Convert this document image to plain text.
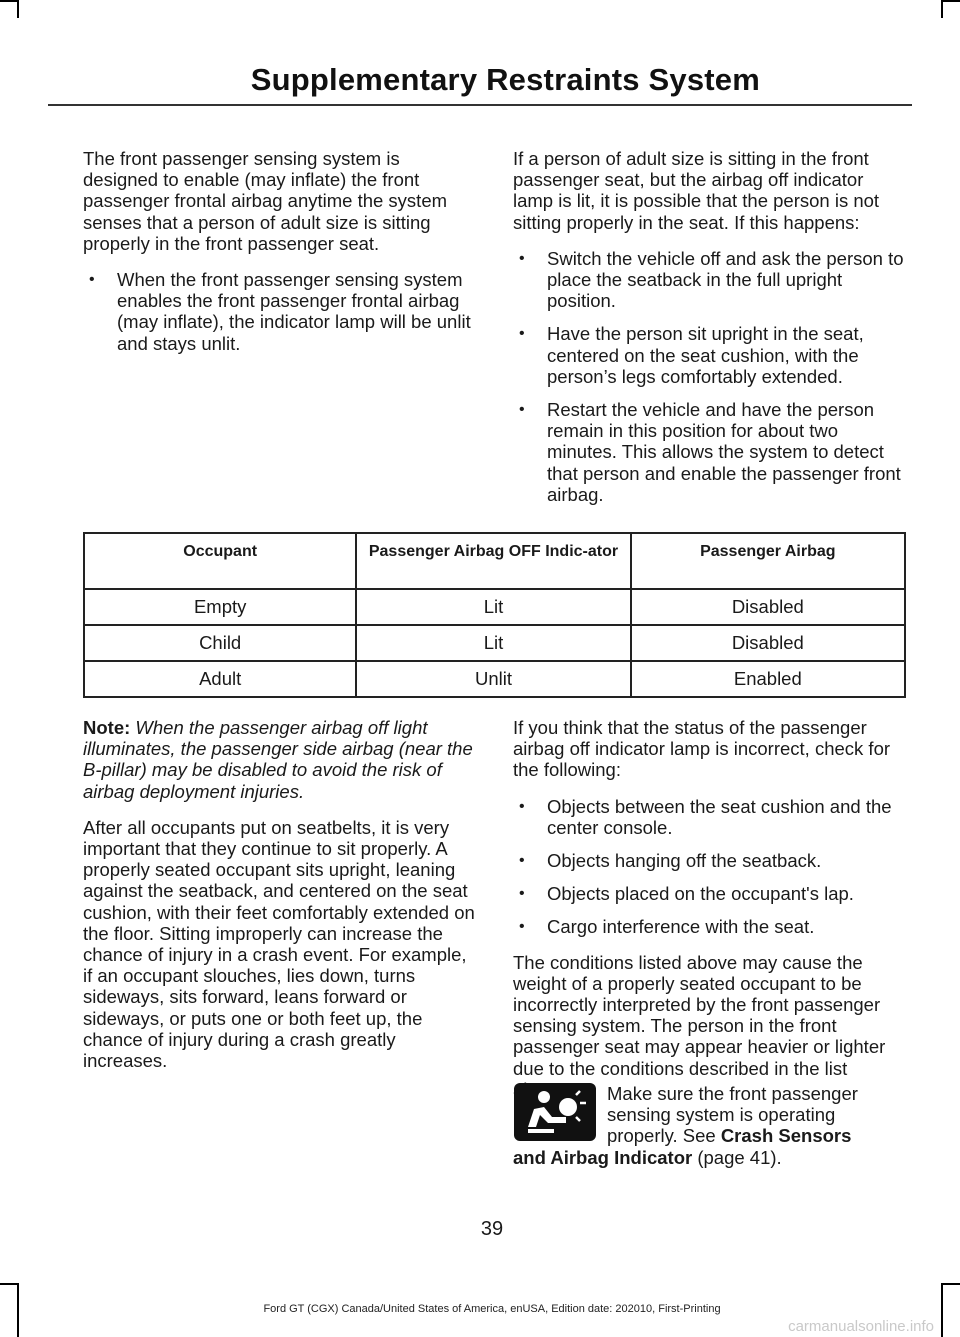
Supplementary Restraints System

The front passenger sensing system is designed to enable (may inflate) the front passenger frontal airbag anytime the system senses that a person of adult size is sitting properly in the front passenger seat.

• When the front passenger sensing system enables the front passenger frontal airbag (may inflate), the indicator lamp will be unlit and stays unlit.

If a person of adult size is sitting in the front passenger seat, but the airbag off indicator lamp is lit, it is possible that the person is not sitting properly in the seat. If this happens:

• Switch the vehicle off and ask the person to place the seatback in the full upright position.
• Have the person sit upright in the seat, centered on the seat cushion, with the person’s legs comfortably extended.
• Restart the vehicle and have the person remain in this position for about two minutes. This allows the system to detect that person and enable the passenger front airbag.
Occupant	Passenger Airbag OFF Indic-ator	Passenger Airbag
Empty	Lit	Disabled
Child	Lit	Disabled
Adult	Unlit	Enabled

Note: When the passenger airbag off light illuminates, the passenger side airbag (near the B-pillar) may be disabled to avoid the risk of airbag deployment injuries.

After all occupants put on seatbelts, it is very important that they continue to sit properly. A properly seated occupant sits upright, leaning against the seatback, and centered on the seat cushion, with their feet comfortably extended on the floor. Sitting improperly can increase the chance of injury in a crash event. For example, if an occupant slouches, lies down, turns sideways, sits forward, leans forward or sideways, or puts one or both feet up, the chance of injury during a crash greatly increases.

If you think that the status of the passenger airbag off indicator lamp is incorrect, check for the following:

• Objects between the seat cushion and the center console.
• Objects hanging off the seatback.
• Objects placed on the occupant's lap.
• Cargo interference with the seat.

The conditions listed above may cause the weight of a properly seated occupant to be incorrectly interpreted by the front passenger sensing system. The person in the front passenger seat may appear heavier or lighter due to the conditions described in the list

Make sure the front passenger
sensing system is operating
properly. See Crash Sensors
and Airbag Indicator (page 41).
39
Ford GT (CGX) Canada/United States of America, enUSA, Edition date: 202010, First-Printing
carmanualsonline.info
